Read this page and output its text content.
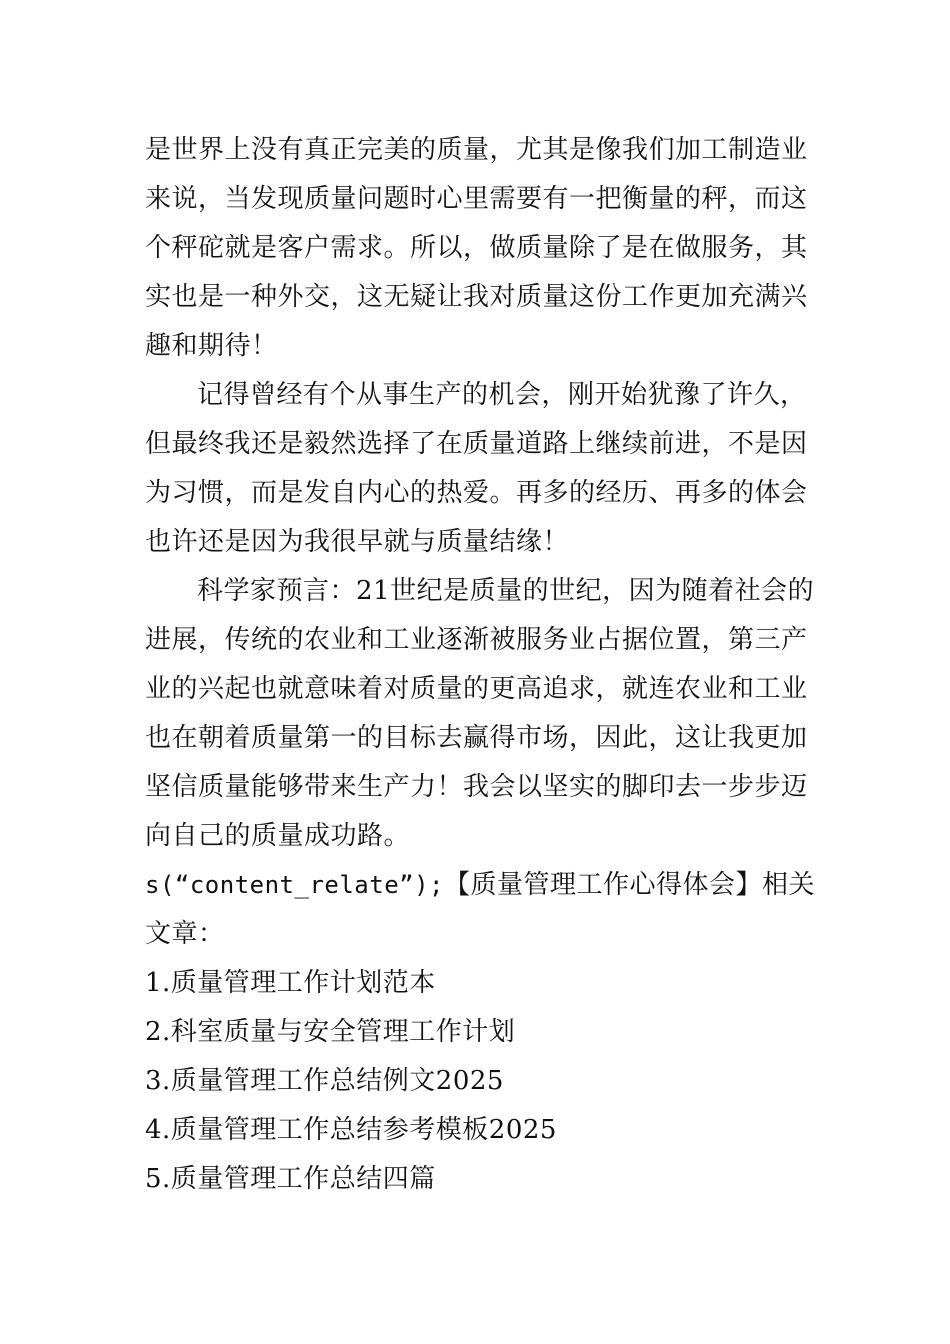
是世界上没有真正完美的质量，尤其是像我们加工制造业
来说，当发现质量问题时心里需要有一把衡量的秤，而这
个秤砣就是客户需求。所以，做质量除了是在做服务，其
实也是一种外交，这无疑让我对质量这份工作更加充满兴
趣和期待！
记得曾经有个从事生产的机会，刚开始犹豫了许久，
但最终我还是毅然选择了在质量道路上继续前进，不是因
为习惯，而是发自内心的热爱。再多的经历、再多的体会
也许还是因为我很早就与质量结缘！
科学家预言：21世纪是质量的世纪，因为随着社会的
进展，传统的农业和工业逐渐被服务业占据位置，第三产
业的兴起也就意味着对质量的更高追求，就连农业和工业
也在朝着质量第一的目标去赢得市场，因此，这让我更加
坚信质量能够带来生产力！我会以坚实的脚印去一步步迈
向自己的质量成功路。
s(“content_relate”);【质量管理工作心得体会】相关
文章：
1.质量管理工作计划范本
2.科室质量与安全管理工作计划
3.质量管理工作总结例文2025
4.质量管理工作总结参考模板2025
5.质量管理工作总结四篇
